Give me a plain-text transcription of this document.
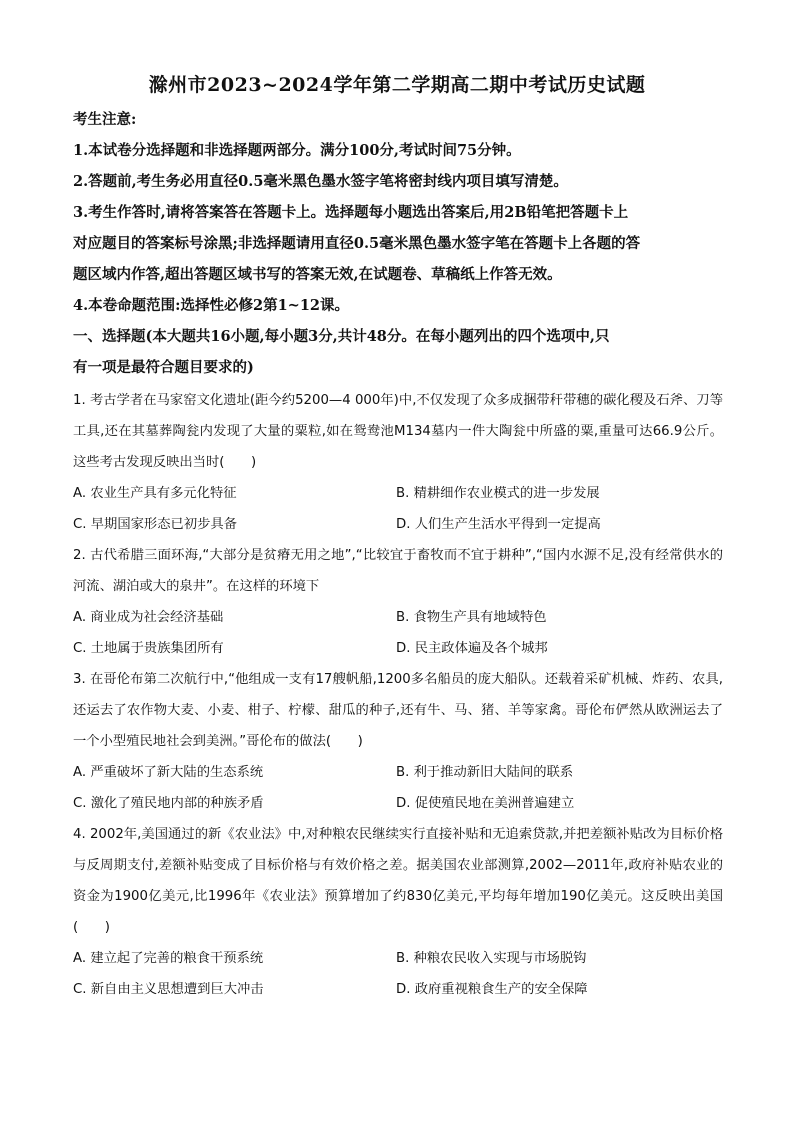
滁州市2023~2024学年第二学期高二期中考试历史试题
考生注意:
1.本试卷分选择题和非选择题两部分。满分100分,考试时间75分钟。
2.答题前,考生务必用直径0.5毫米黑色墨水签字笔将密封线内项目填写清楚。
3.考生作答时,请将答案答在答题卡上。选择题每小题选出答案后,用2B铅笔把答题卡上
对应题目的答案标号涂黑;非选择题请用直径0.5毫米黑色墨水签字笔在答题卡上各题的答
题区域内作答,超出答题区域书写的答案无效,在试题卷、草稿纸上作答无效。
4.本卷命题范围:选择性必修2第1~12课。
一、选择题(本大题共16小题,每小题3分,共计48分。在每小题列出的四个选项中,只
有一项是最符合题目要求的)
1. 考古学者在马家窑文化遗址(距今约5200—4 000年)中,不仅发现了众多成捆带秆带穗的碳化稷及石斧、刀等工具,还在其墓葬陶瓮内发现了大量的粟粒,如在鸳鸯池M134墓内一件大陶瓮中所盛的粟,重量可达66.9公斤。这些考古发现反映出当时(　　)
A. 农业生产具有多元化特征	B. 精耕细作农业模式的进一步发展
C. 早期国家形态已初步具备	D. 人们生产生活水平得到一定提高
2. 古代希腊三面环海,“大部分是贫瘠无用之地”,“比较宜于畜牧而不宜于耕种”,“国内水源不足,没有经常供水的河流、湖泊或大的泉井”。在这样的环境下
A. 商业成为社会经济基础	B. 食物生产具有地域特色
C. 土地属于贵族集团所有	D. 民主政体遍及各个城邦
3. 在哥伦布第二次航行中,“他组成一支有17艘帆船,1200多名船员的庞大船队。还载着采矿机械、炸药、农具,还运去了农作物大麦、小麦、柑子、柠檬、甜瓜的种子,还有牛、马、猪、羊等家禽。哥伦布俨然从欧洲运去了一个小型殖民地社会到美洲。”哥伦布的做法(　　)
A. 严重破坏了新大陆的生态系统	B. 利于推动新旧大陆间的联系
C. 激化了殖民地内部的种族矛盾	D. 促使殖民地在美洲普遍建立
4. 2002年,美国通过的新《农业法》中,对种粮农民继续实行直接补贴和无追索贷款,并把差额补贴改为目标价格与反周期支付,差额补贴变成了目标价格与有效价格之差。据美国农业部测算,2002—2011年,政府补贴农业的资金为1900亿美元,比1996年《农业法》预算增加了约830亿美元,平均每年增加190亿美元。这反映出美国(　　)
A. 建立起了完善的粮食干预系统	B. 种粮农民收入实现与市场脱钩
C. 新自由主义思想遭到巨大冲击	D. 政府重视粮食生产的安全保障
